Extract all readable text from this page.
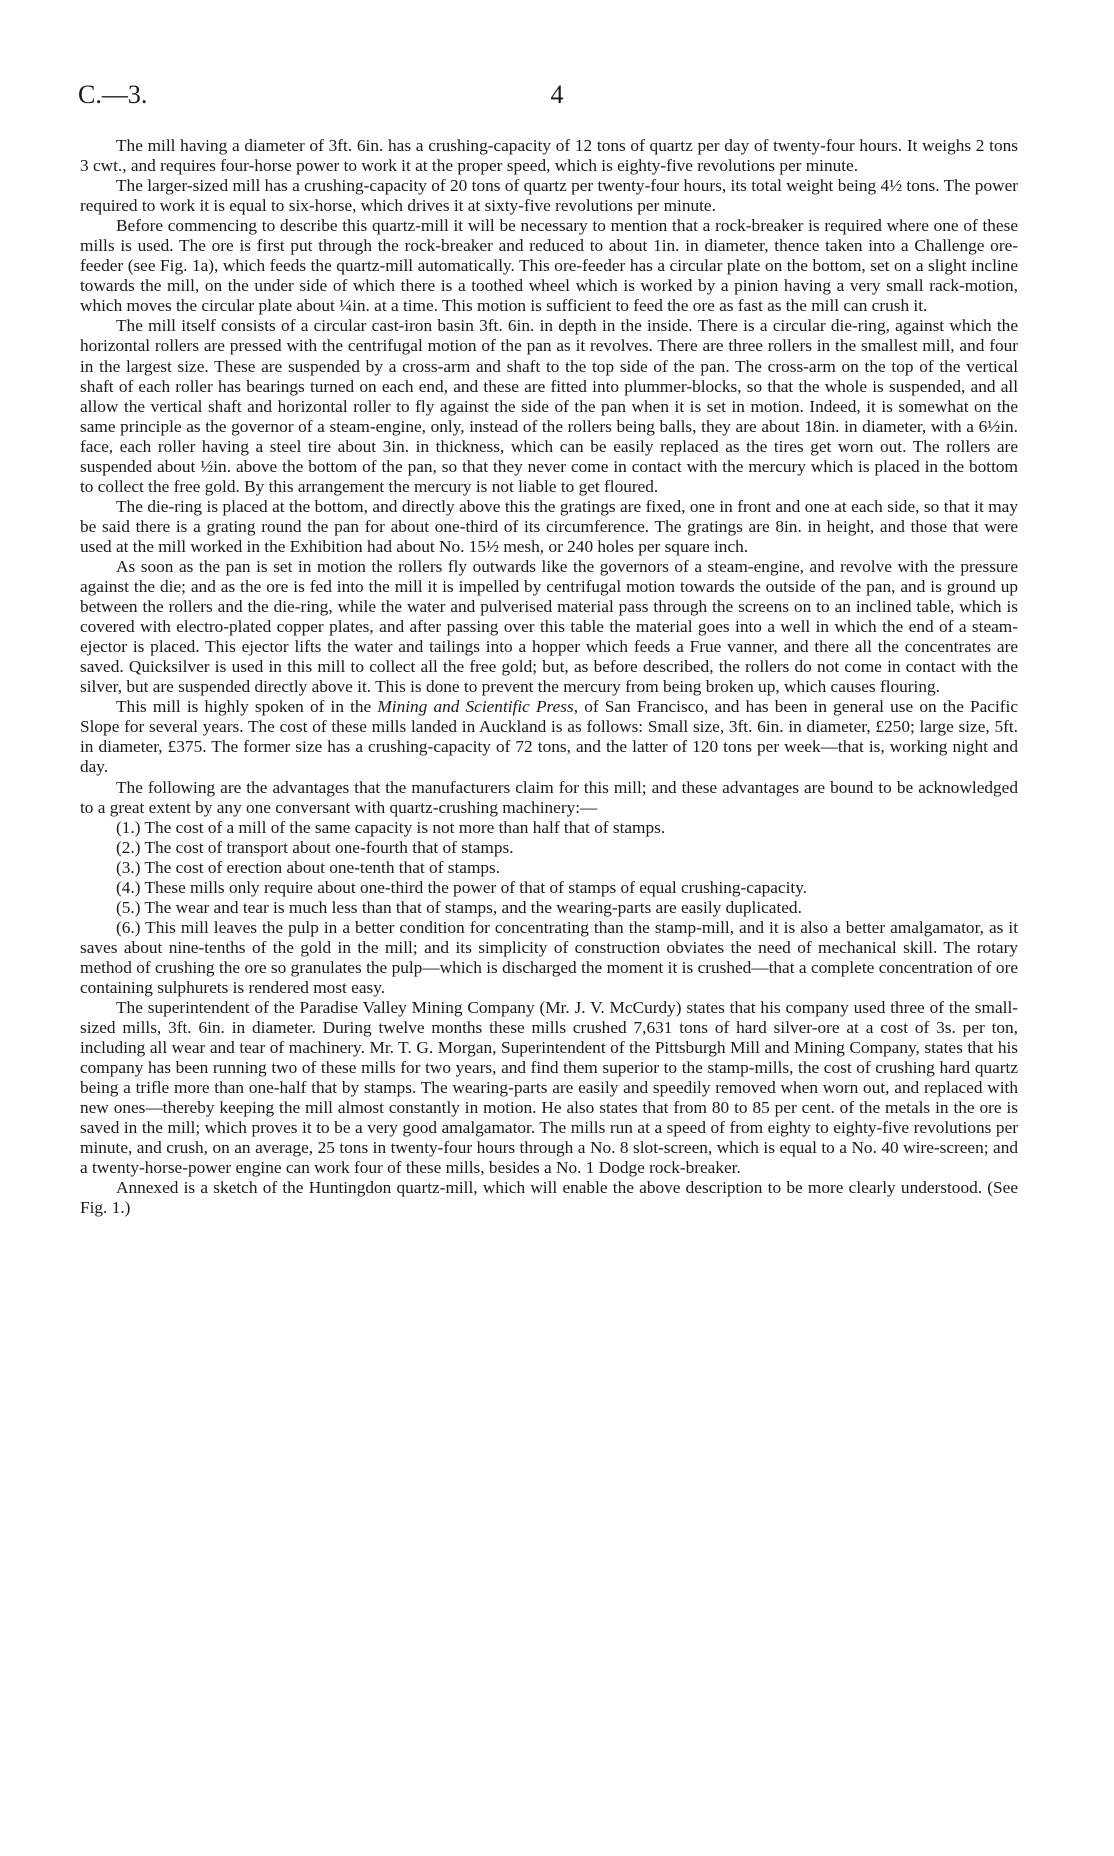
C.—3.	4

The mill having a diameter of 3ft. 6in. has a crushing-capacity of 12 tons of quartz per day of twenty-four hours. It weighs 2 tons 3 cwt., and requires four-horse power to work it at the proper speed, which is eighty-five revolutions per minute.

The larger-sized mill has a crushing-capacity of 20 tons of quartz per twenty-four hours, its total weight being 4½ tons. The power required to work it is equal to six-horse, which drives it at sixty-five revolutions per minute.

Before commencing to describe this quartz-mill it will be necessary to mention that a rock-breaker is required where one of these mills is used. The ore is first put through the rock-breaker and reduced to about 1in. in diameter, thence taken into a Challenge ore-feeder (see Fig. 1a), which feeds the quartz-mill automatically. This ore-feeder has a circular plate on the bottom, set on a slight incline towards the mill, on the under side of which there is a toothed wheel which is worked by a pinion having a very small rack-motion, which moves the circular plate about ¼in. at a time. This motion is sufficient to feed the ore as fast as the mill can crush it.

The mill itself consists of a circular cast-iron basin 3ft. 6in. in depth in the inside. There is a circular die-ring, against which the horizontal rollers are pressed with the centrifugal motion of the pan as it revolves. There are three rollers in the smallest mill, and four in the largest size. These are suspended by a cross-arm and shaft to the top side of the pan. The cross-arm on the top of the vertical shaft of each roller has bearings turned on each end, and these are fitted into plummer-blocks, so that the whole is suspended, and all allow the vertical shaft and horizontal roller to fly against the side of the pan when it is set in motion. Indeed, it is somewhat on the same principle as the governor of a steam-engine, only, instead of the rollers being balls, they are about 18in. in diameter, with a 6½in. face, each roller having a steel tire about 3in. in thickness, which can be easily replaced as the tires get worn out. The rollers are suspended about ½in. above the bottom of the pan, so that they never come in contact with the mercury which is placed in the bottom to collect the free gold. By this arrangement the mercury is not liable to get floured.

The die-ring is placed at the bottom, and directly above this the gratings are fixed, one in front and one at each side, so that it may be said there is a grating round the pan for about one-third of its circumference. The gratings are 8in. in height, and those that were used at the mill worked in the Exhibition had about No. 15½ mesh, or 240 holes per square inch.

As soon as the pan is set in motion the rollers fly outwards like the governors of a steam-engine, and revolve with the pressure against the die; and as the ore is fed into the mill it is impelled by centrifugal motion towards the outside of the pan, and is ground up between the rollers and the die-ring, while the water and pulverised material pass through the screens on to an inclined table, which is covered with electro-plated copper plates, and after passing over this table the material goes into a well in which the end of a steam-ejector is placed. This ejector lifts the water and tailings into a hopper which feeds a Frue vanner, and there all the concentrates are saved. Quicksilver is used in this mill to collect all the free gold; but, as before described, the rollers do not come in contact with the silver, but are suspended directly above it. This is done to prevent the mercury from being broken up, which causes flouring.

This mill is highly spoken of in the Mining and Scientific Press, of San Francisco, and has been in general use on the Pacific Slope for several years. The cost of these mills landed in Auckland is as follows: Small size, 3ft. 6in. in diameter, £250; large size, 5ft. in diameter, £375. The former size has a crushing-capacity of 72 tons, and the latter of 120 tons per week—that is, working night and day.

The following are the advantages that the manufacturers claim for this mill; and these advantages are bound to be acknowledged to a great extent by any one conversant with quartz-crushing machinery:—

(1.) The cost of a mill of the same capacity is not more than half that of stamps.

(2.) The cost of transport about one-fourth that of stamps.

(3.) The cost of erection about one-tenth that of stamps.

(4.) These mills only require about one-third the power of that of stamps of equal crushing-capacity.

(5.) The wear and tear is much less than that of stamps, and the wearing-parts are easily duplicated.

(6.) This mill leaves the pulp in a better condition for concentrating than the stamp-mill, and it is also a better amalgamator, as it saves about nine-tenths of the gold in the mill; and its simplicity of construction obviates the need of mechanical skill. The rotary method of crushing the ore so granulates the pulp—which is discharged the moment it is crushed—that a complete concentration of ore containing sulphurets is rendered most easy.

The superintendent of the Paradise Valley Mining Company (Mr. J. V. McCurdy) states that his company used three of the small-sized mills, 3ft. 6in. in diameter. During twelve months these mills crushed 7,631 tons of hard silver-ore at a cost of 3s. per ton, including all wear and tear of machinery. Mr. T. G. Morgan, Superintendent of the Pittsburgh Mill and Mining Company, states that his company has been running two of these mills for two years, and find them superior to the stamp-mills, the cost of crushing hard quartz being a trifle more than one-half that by stamps. The wearing-parts are easily and speedily removed when worn out, and replaced with new ones—thereby keeping the mill almost constantly in motion. He also states that from 80 to 85 per cent. of the metals in the ore is saved in the mill; which proves it to be a very good amalgamator. The mills run at a speed of from eighty to eighty-five revolutions per minute, and crush, on an average, 25 tons in twenty-four hours through a No. 8 slot-screen, which is equal to a No. 40 wire-screen; and a twenty-horse-power engine can work four of these mills, besides a No. 1 Dodge rock-breaker.

Annexed is a sketch of the Huntingdon quartz-mill, which will enable the above description to be more clearly understood. (See Fig. 1.)
